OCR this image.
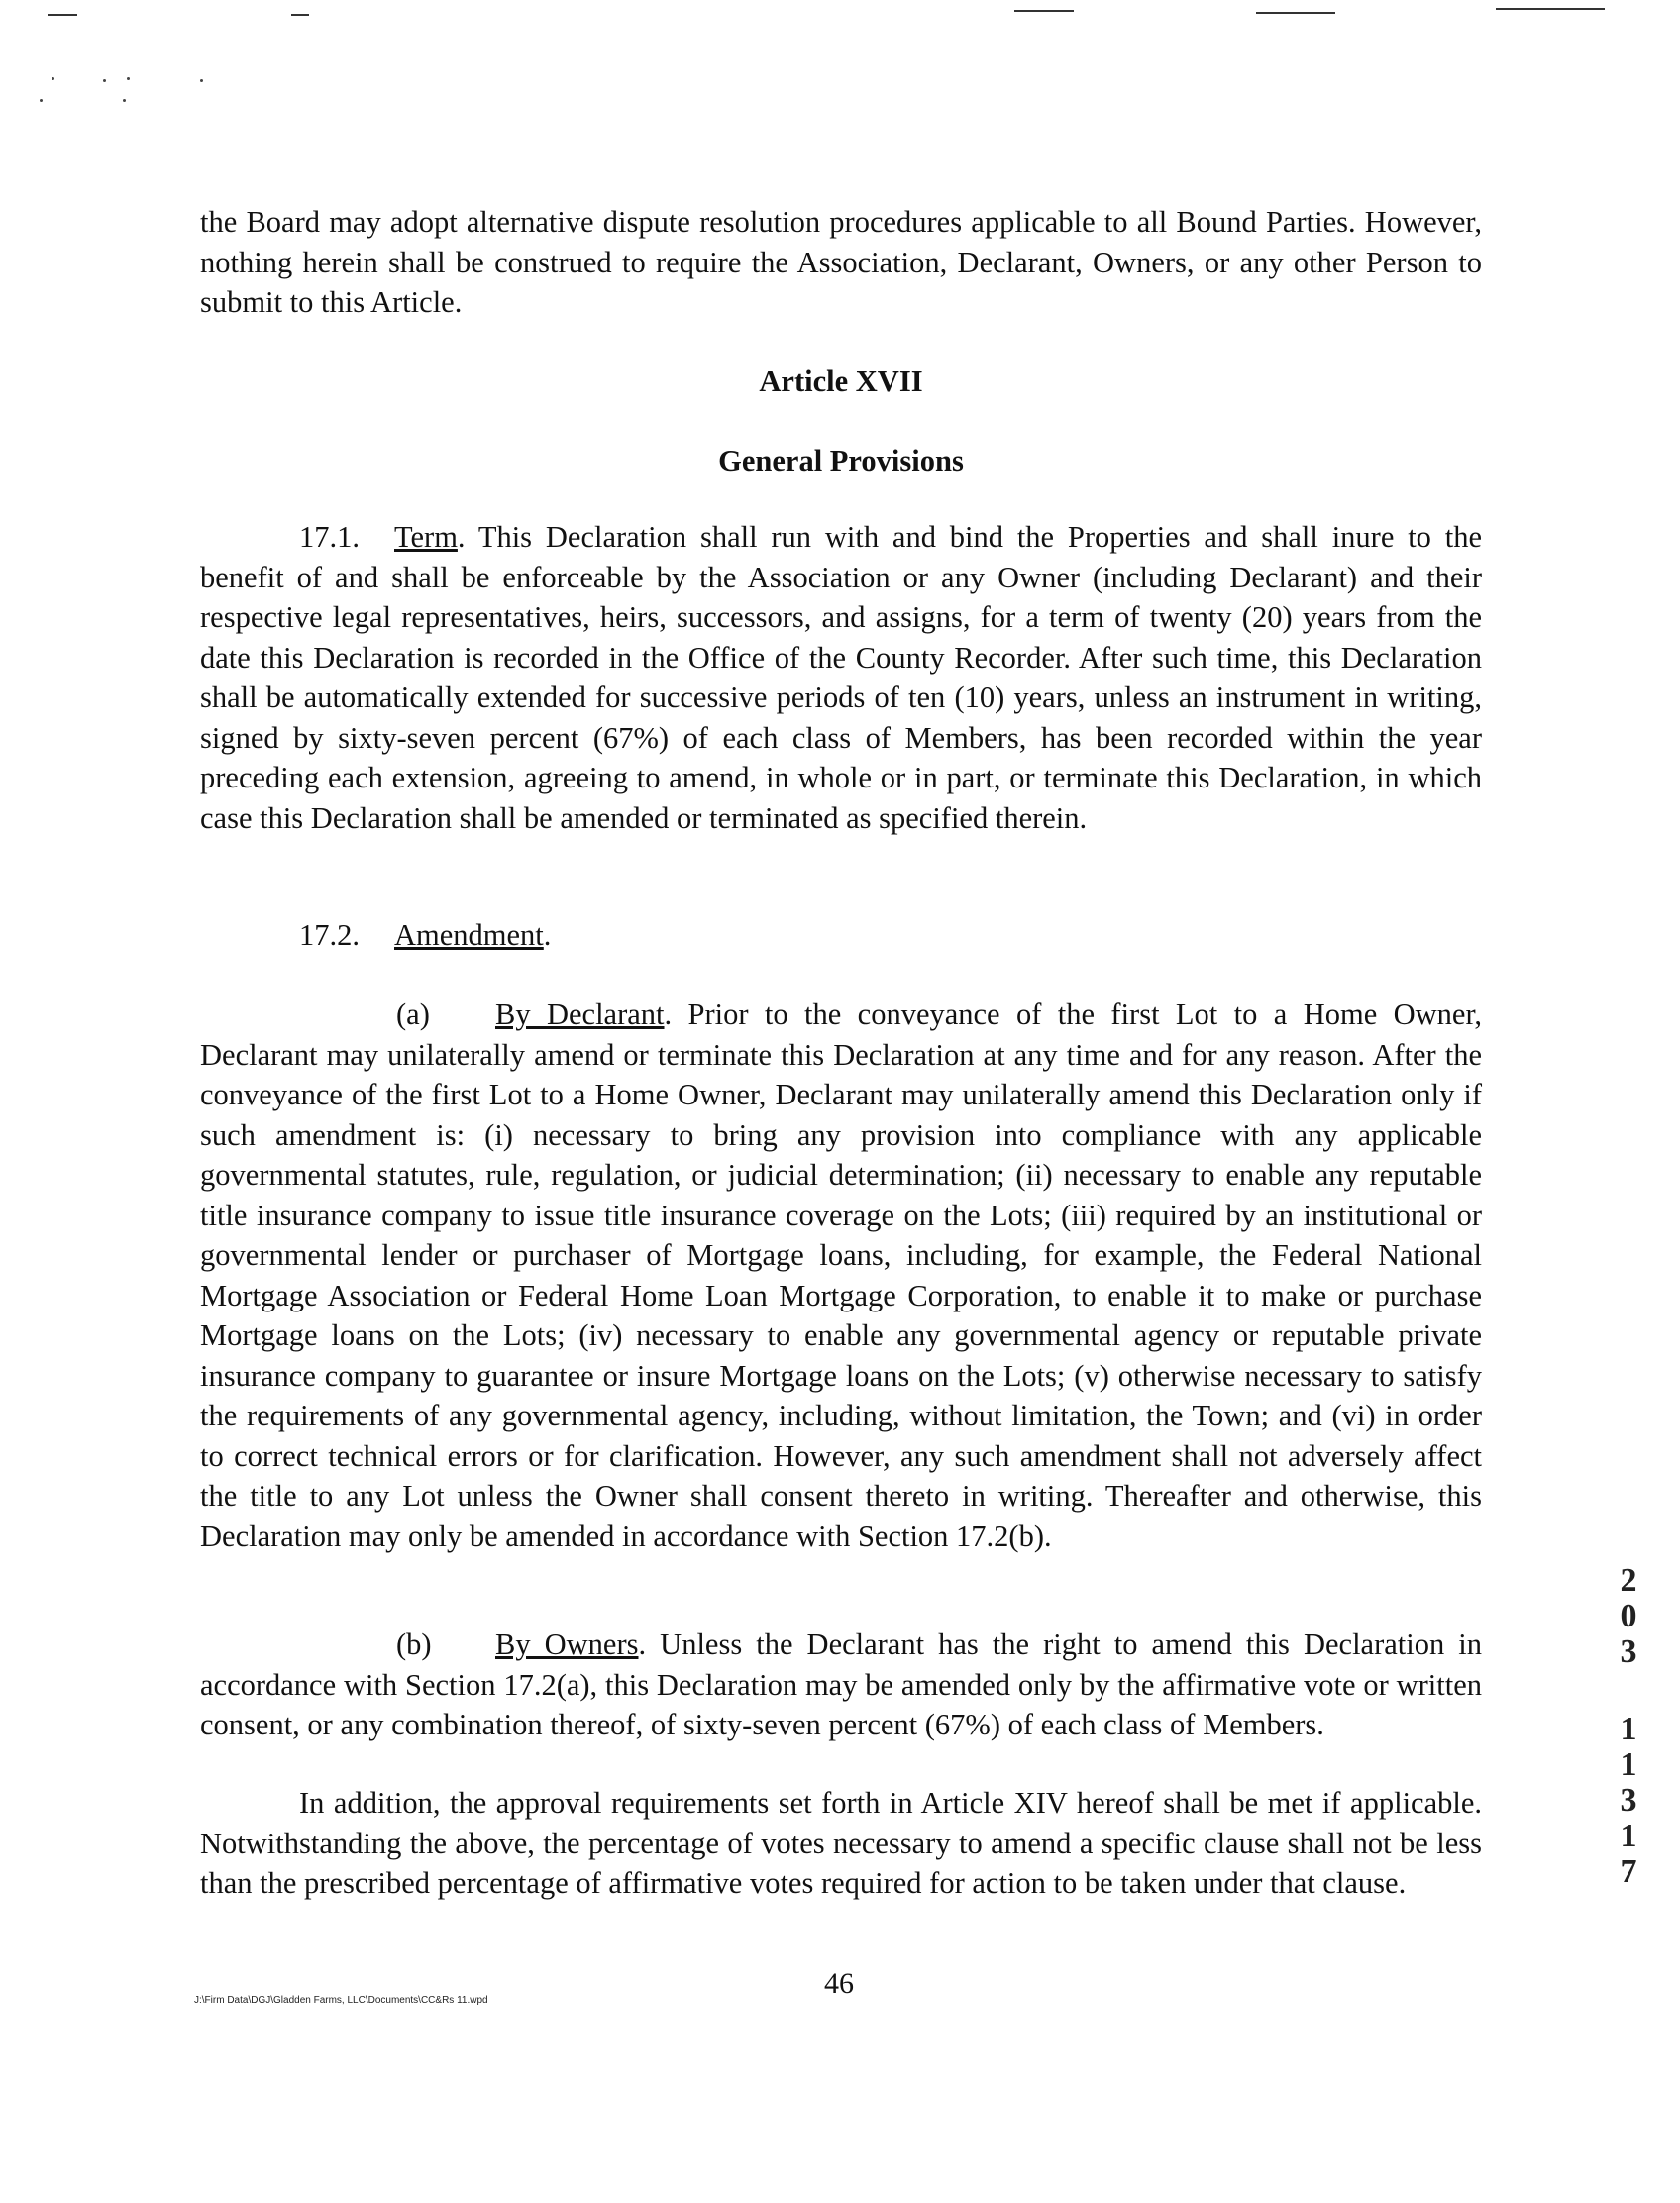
the Board may adopt alternative dispute resolution procedures applicable to all Bound Parties. However, nothing herein shall be construed to require the Association, Declarant, Owners, or any other Person to submit to this Article.

Article XVII

General Provisions

17.1. Term. This Declaration shall run with and bind the Properties and shall inure to the benefit of and shall be enforceable by the Association or any Owner (including Declarant) and their respective legal representatives, heirs, successors, and assigns, for a term of twenty (20) years from the date this Declaration is recorded in the Office of the County Recorder. After such time, this Declaration shall be automatically extended for successive periods of ten (10) years, unless an instrument in writing, signed by sixty-seven percent (67%) of each class of Members, has been recorded within the year preceding each extension, agreeing to amend, in whole or in part, or terminate this Declaration, in which case this Declaration shall be amended or terminated as specified therein.

17.2. Amendment.

(a) By Declarant. Prior to the conveyance of the first Lot to a Home Owner, Declarant may unilaterally amend or terminate this Declaration at any time and for any reason. After the conveyance of the first Lot to a Home Owner, Declarant may unilaterally amend this Declaration only if such amendment is: (i) necessary to bring any provision into compliance with any applicable governmental statutes, rule, regulation, or judicial determination; (ii) necessary to enable any reputable title insurance company to issue title insurance coverage on the Lots; (iii) required by an institutional or governmental lender or purchaser of Mortgage loans, including, for example, the Federal National Mortgage Association or Federal Home Loan Mortgage Corporation, to enable it to make or purchase Mortgage loans on the Lots; (iv) necessary to enable any governmental agency or reputable private insurance company to guarantee or insure Mortgage loans on the Lots; (v) otherwise necessary to satisfy the requirements of any governmental agency, including, without limitation, the Town; and (vi) in order to correct technical errors or for clarification. However, any such amendment shall not adversely affect the title to any Lot unless the Owner shall consent thereto in writing. Thereafter and otherwise, this Declaration may only be amended in accordance with Section 17.2(b).

(b) By Owners. Unless the Declarant has the right to amend this Declaration in accordance with Section 17.2(a), this Declaration may be amended only by the affirmative vote or written consent, or any combination thereof, of sixty-seven percent (67%) of each class of Members.

In addition, the approval requirements set forth in Article XIV hereof shall be met if applicable. Notwithstanding the above, the percentage of votes necessary to amend a specific clause shall not be less than the prescribed percentage of affirmative votes required for action to be taken under that clause.

46
J:\Firm Data\DGJ\Gladden Farms, LLC\Documents\CC&Rs 11.wpd
2
0
3
1
1
3
1
7
